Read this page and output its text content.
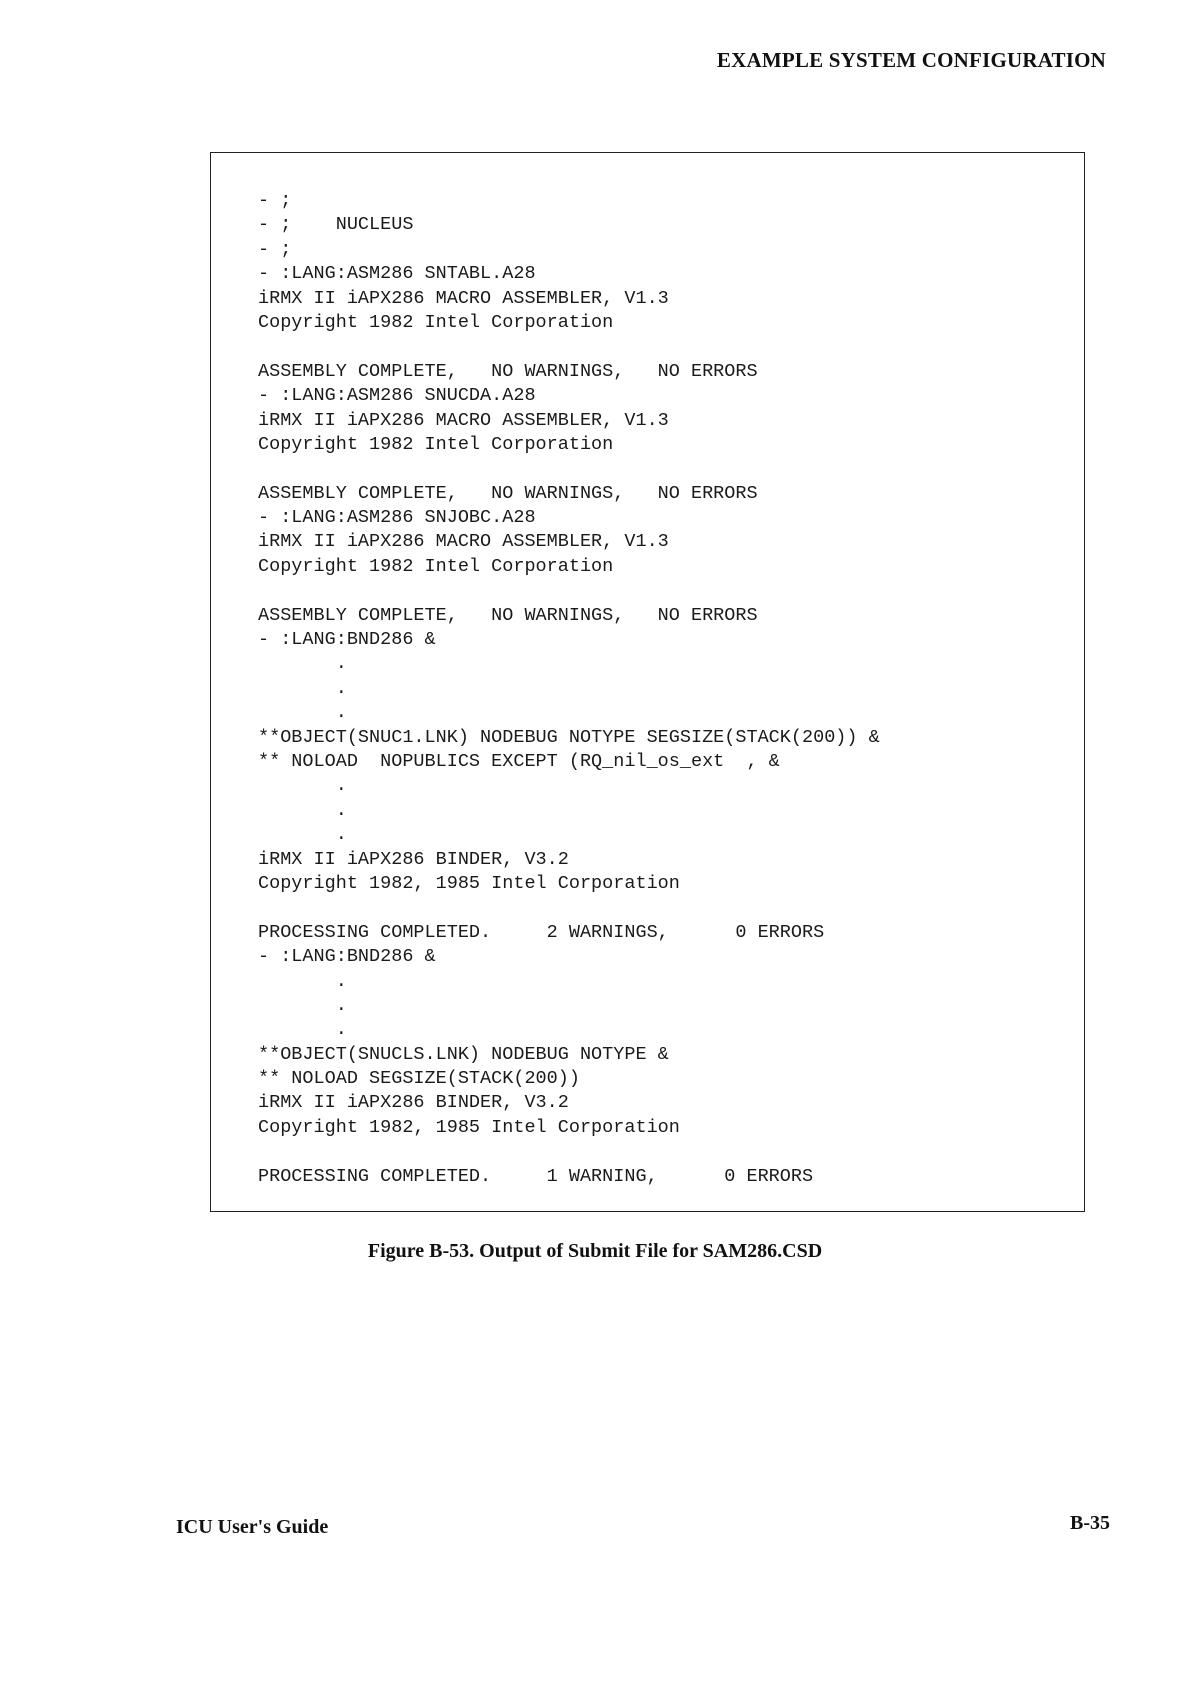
EXAMPLE SYSTEM CONFIGURATION
- ;
- ;    NUCLEUS
- ;
- :LANG:ASM286 SNTABL.A28
iRMX II iAPX286 MACRO ASSEMBLER, V1.3
Copyright 1982 Intel Corporation
ASSEMBLY COMPLETE,   NO WARNINGS,   NO ERRORS
- :LANG:ASM286 SNUCDA.A28
iRMX II iAPX286 MACRO ASSEMBLER, V1.3
Copyright 1982 Intel Corporation
ASSEMBLY COMPLETE,   NO WARNINGS,   NO ERRORS
- :LANG:ASM286 SNJOBC.A28
iRMX II iAPX286 MACRO ASSEMBLER, V1.3
Copyright 1982 Intel Corporation
ASSEMBLY COMPLETE,   NO WARNINGS,   NO ERRORS
- :LANG:BND286 &
.
.
.
**OBJECT(SNUC1.LNK) NODEBUG NOTYPE SEGSIZE(STACK(200)) &
** NOLOAD  NOPUBLICS EXCEPT (RQ_nil_os_ext  , &
.
.
.
iRMX II iAPX286 BINDER, V3.2
Copyright 1982, 1985 Intel Corporation
PROCESSING COMPLETED.     2 WARNINGS,      0 ERRORS
- :LANG:BND286 &
.
.
.
**OBJECT(SNUCLS.LNK) NODEBUG NOTYPE &
** NOLOAD SEGSIZE(STACK(200))
iRMX II iAPX286 BINDER, V3.2
Copyright 1982, 1985 Intel Corporation
PROCESSING COMPLETED.     1 WARNING,      0 ERRORS
Figure B-53. Output of Submit File for SAM286.CSD
ICU User's Guide	B-35
